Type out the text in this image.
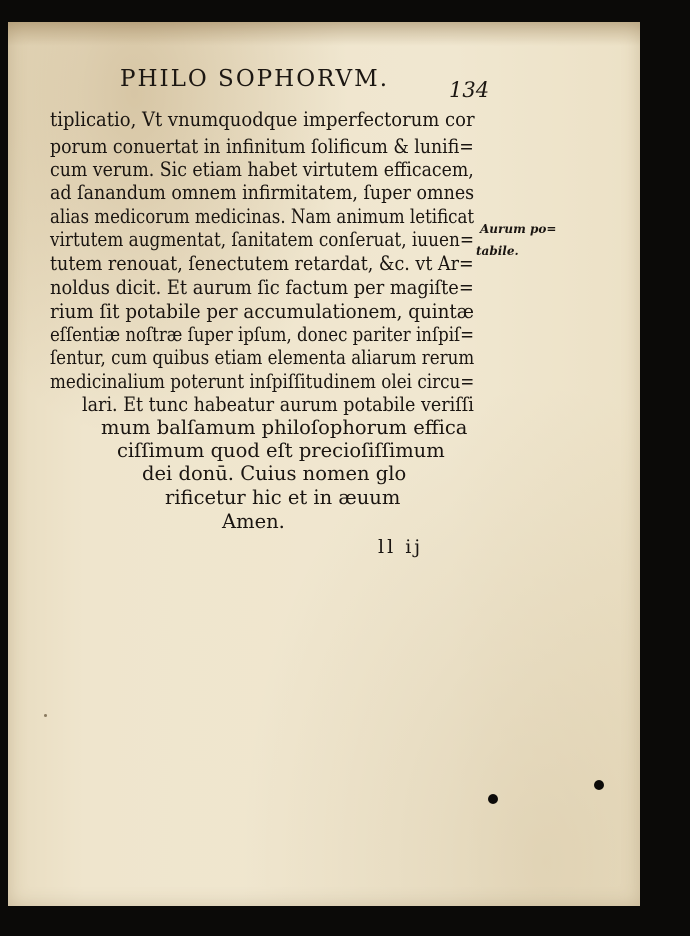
PHILO SOPHORVM.	134
tiplicatio, Vt vnumquodque imperfectorum cor
porum conuertat in infinitum ſolificum & lunifi=
cum verum. Sic etiam habet virtutem efficacem,
ad ſanandum omnem infirmitatem, ſuper omnes
alias medicorum medicinas. Nam animum letificat
virtutem augmentat, ſanitatem conſeruat, iuuen=
tutem renouat, ſenectutem retardat, &c. vt Ar=
noldus dicit. Et aurum ſic factum per magiſte=
rium ſit potabile per accumulationem, quintæ
eſſentiæ noſtræ ſuper ipſum, donec pariter inſpiſ=
ſentur, cum quibus etiam elementa aliarum rerum
medicinalium poterunt inſpiſſitudinem olei circu=
lari. Et tunc habeatur aurum potabile veriſſi
mum balſamum philoſophorum effica
ciſſimum quod eſt precioſiſſimum
dei donū. Cuius nomen glo
rificetur hic et in æuum
Amen.
Aurum po=
tabile.
ll ij
